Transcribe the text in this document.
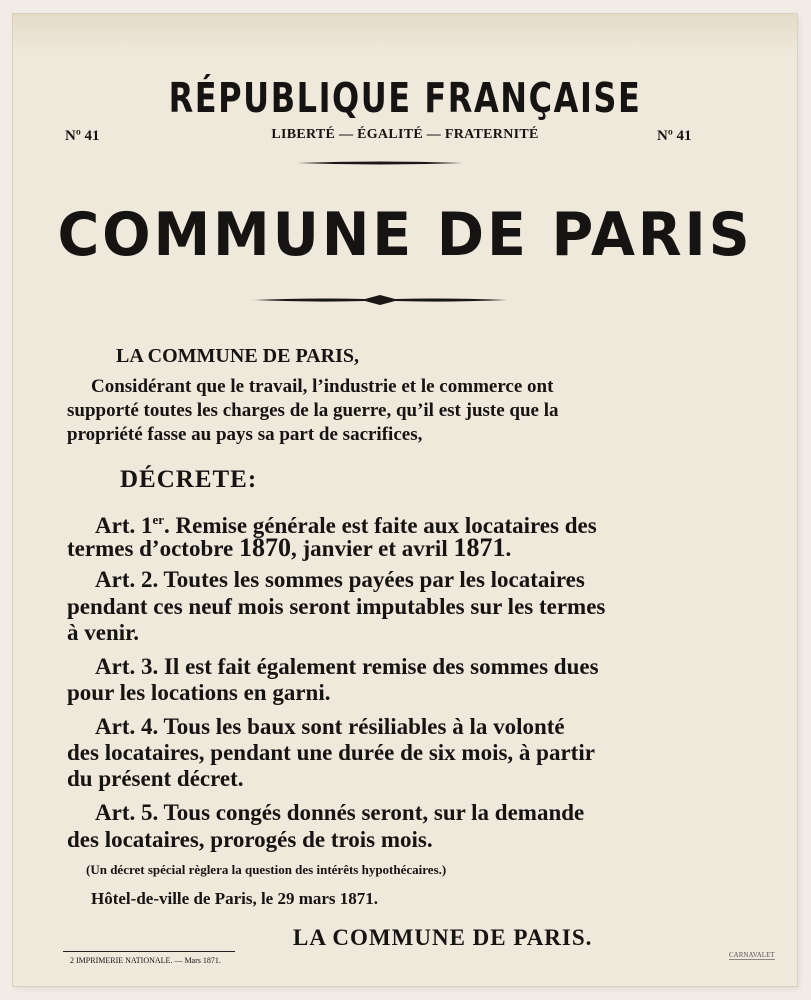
RÉPUBLIQUE FRANÇAISE
Nº 41	LIBERTÉ — ÉGALITÉ — FRATERNITÉ	Nº 41
COMMUNE DE PARIS
LA COMMUNE DE PARIS,
Considérant que le travail, l’industrie et le commerce ont
supporté toutes les charges de la guerre, qu’il est juste que la
propriété fasse au pays sa part de sacrifices,
DÉCRETE:
Art. 1er. Remise générale est faite aux locataires des
termes d’octobre 1870, janvier et avril 1871.
Art. 2. Toutes les sommes payées par les locataires
pendant ces neuf mois seront imputables sur les termes
à venir.
Art. 3. Il est fait également remise des sommes dues
pour les locations en garni.
Art. 4. Tous les baux sont résiliables à la volonté
des locataires, pendant une durée de six mois, à partir
du présent décret.
Art. 5. Tous congés donnés seront, sur la demande
des locataires, prorogés de trois mois.
(Un décret spécial règlera la question des intérêts hypothécaires.)
Hôtel-de-ville de Paris, le 29 mars 1871.
LA COMMUNE DE PARIS.
2 IMPRIMERIE NATIONALE. — Mars 1871.
CARNAVALET
